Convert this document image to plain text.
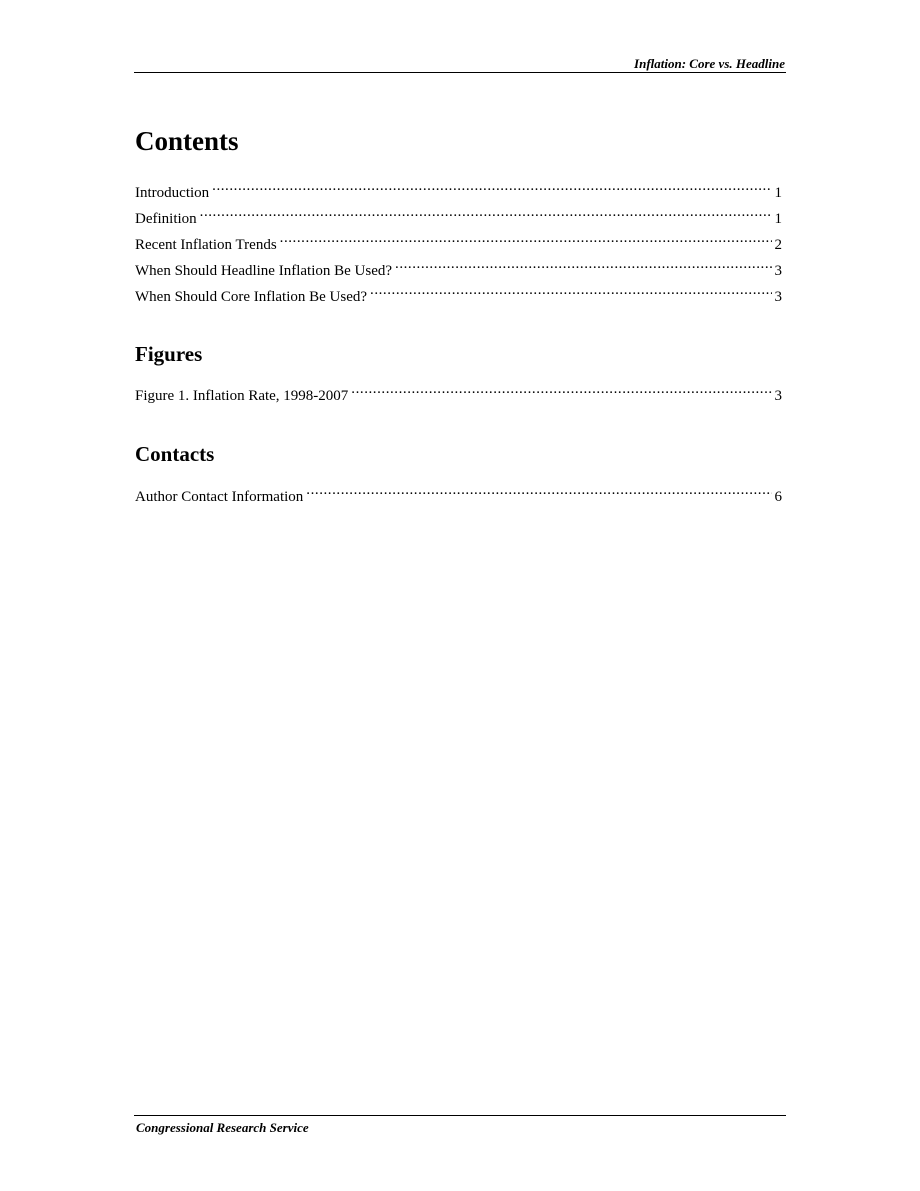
Inflation: Core vs. Headline
Contents
Introduction . . .	1
Definition . . .	1
Recent Inflation Trends . . .	2
When Should Headline Inflation Be Used? . . .	3
When Should Core Inflation Be Used? . . .	3
Figures
Figure 1. Inflation Rate, 1998-2007 . . .	3
Contacts
Author Contact Information . . .	6
Congressional Research Service
